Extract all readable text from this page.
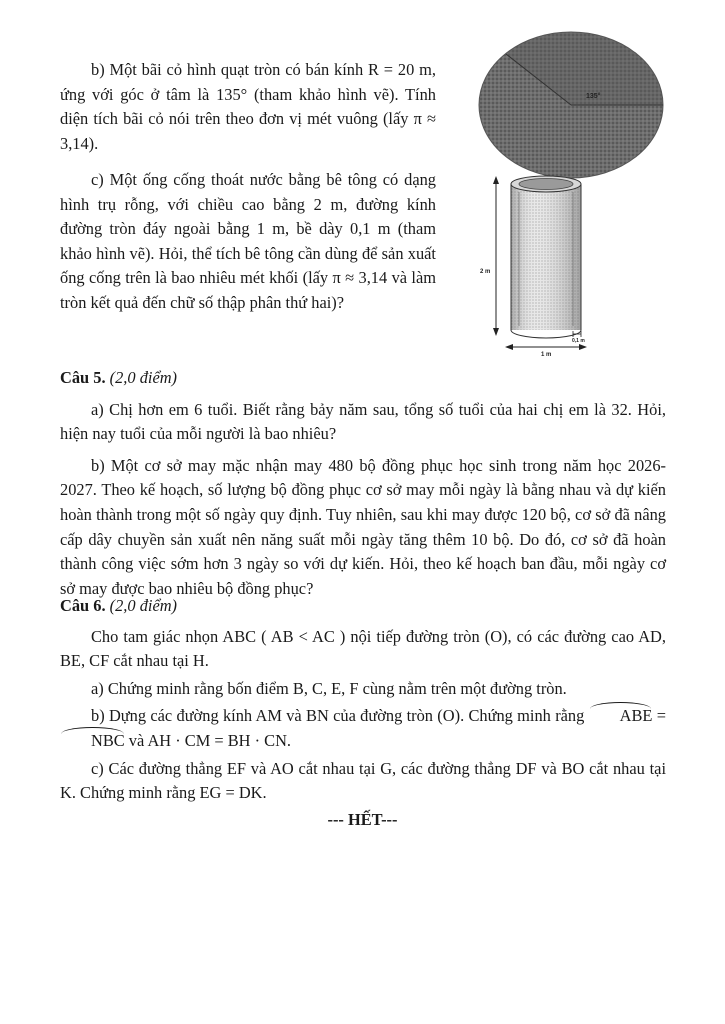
b) Một bãi cỏ hình quạt tròn có bán kính R = 20 m, ứng với góc ở tâm là 135° (tham khảo hình vẽ). Tính diện tích bãi cỏ nói trên theo đơn vị mét vuông (lấy π ≈ 3,14).

c) Một ống cống thoát nước bằng bê tông có dạng hình trụ rỗng, với chiều cao bằng 2 m, đường kính đường tròn đáy ngoài bằng 1 m, bề dày 0,1 m (tham khảo hình vẽ). Hỏi, thể tích bê tông cần dùng để sản xuất ống cống trên là bao nhiêu mét khối (lấy π ≈ 3,14 và làm tròn kết quả đến chữ số thập phân thứ hai)?

135°
2 m
0,1 m
1 m

Câu 5. (2,0 điểm)

a) Chị hơn em 6 tuổi. Biết rằng bảy năm sau, tổng số tuổi của hai chị em là 32. Hỏi, hiện nay tuổi của mỗi người là bao nhiêu?

b) Một cơ sở may mặc nhận may 480 bộ đồng phục học sinh trong năm học 2026-2027. Theo kế hoạch, số lượng bộ đồng phục cơ sở may mỗi ngày là bằng nhau và dự kiến hoàn thành trong một số ngày quy định. Tuy nhiên, sau khi may được 120 bộ, cơ sở đã nâng cấp dây chuyền sản xuất nên năng suất mỗi ngày tăng thêm 10 bộ. Do đó, cơ sở đã hoàn thành công việc sớm hơn 3 ngày so với dự kiến. Hỏi, theo kế hoạch ban đầu, mỗi ngày cơ sở may được bao nhiêu bộ đồng phục?

Câu 6. (2,0 điểm)

Cho tam giác nhọn ABC ( AB < AC ) nội tiếp đường tròn (O), có các đường cao AD, BE, CF cắt nhau tại H.

a) Chứng minh rằng bốn điểm B, C, E, F cùng nằm trên một đường tròn.

b) Dựng các đường kính AM và BN của đường tròn (O). Chứng minh rằng ABE = NBC và AH · CM = BH · CN.

c) Các đường thẳng EF và AO cắt nhau tại G, các đường thẳng DF và BO cắt nhau tại K. Chứng minh rằng EG = DK.

--- HẾT---
